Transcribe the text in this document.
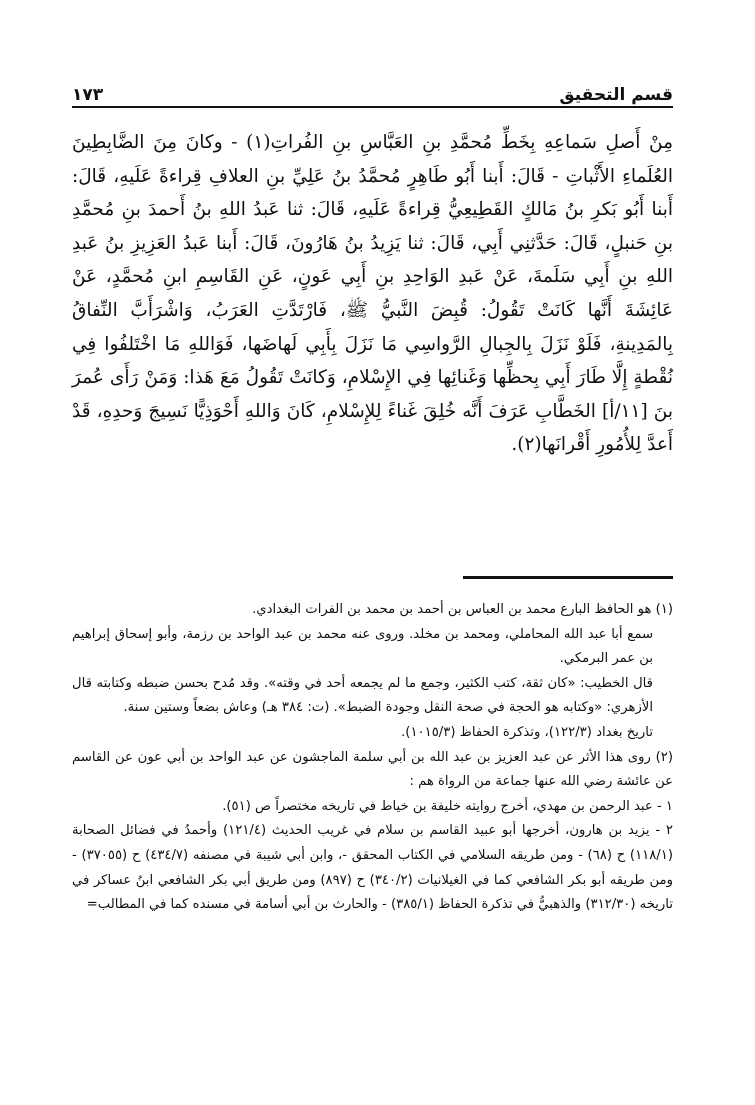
قسم التحقيق
١٧٣

مِنْ أَصلِ سَماعِهِ بِخَطِّ مُحمَّدِ بنِ العَبَّاسِ بنِ الفُراتِ(١) - وكانَ مِنَ الضَّابِطِينَ العُلَماءِ الأَثْباتِ - قَالَ: أَبنا أَبُو طَاهِرٍ مُحمَّدُ بنُ عَلِيِّ بنِ العلافِ قِراءةً عَلَيهِ، قَالَ: أَبنا أَبُو بَكرِ بنُ مَالكٍ القَطِيعِيُّ قِراءةً عَلَيهِ، قَالَ: ثنا عَبدُ اللهِ بنُ أَحمدَ بنِ مُحمَّدِ بنِ حَنبلٍ، قَالَ: حَدَّثنِي أَبِي، قَالَ: ثنا يَزِيدُ بنُ هَارُونَ، قَالَ: أَبنا عَبدُ العَزِيزِ بنُ عَبدِ اللهِ بنِ أَبِي سَلَمةَ، عَنْ عَبدِ الوَاحِدِ بنِ أَبِي عَونٍ، عَنِ القَاسِمِ ابنِ مُحمَّدٍ، عَنْ عَائِشَةَ أَنَّها كَانَتْ تَقُولُ: قُبِضَ النَّبيُّ ﷺ، فَارْتَدَّتِ العَرَبُ، وَاشْرَأَبَّ النِّفاقُ بِالمَدِينةِ، فَلَوْ نَزَلَ بِالجِبالِ الرَّواسِي مَا نَزَلَ بِأَبِي لَهاضَها، فَوَاللهِ مَا اخْتَلفُوا فِي نُقْطةٍ إِلَّا طَارَ أَبِي بِحظِّها وَغَنائِها فِي الإِسْلامِ، وَكانَتْ تَقُولُ مَعَ هَذا: وَمَنْ رَأَى عُمرَ بنَ [١١/أ] الخَطَّابِ عَرَفَ أَنَّه خُلِقَ غَناءً لِلإِسْلامِ، كَانَ وَاللهِ أَحْوَذِيًّا نَسِيجَ وَحدِهِ، قَدْ أَعدَّ لِلأُمُورِ أَقْرانَها(٢).

(١) هو الحافظ البارع محمد بن العباس بن أحمد بن محمد بن الفرات البغدادي.

سمع أبا عبد الله المحاملي، ومحمد بن مخلد. وروى عنه محمد بن عبد الواحد بن رزمة، وأبو إسحاق إبراهيم بن عمر البرمكي.

قال الخطيب: «كان ثقة، كتب الكثير، وجمع ما لم يجمعه أحد في وقته». وقد مُدح بحسن ضبطه وكتابته قال الأزهري: «وكتابه هو الحجة في صحة النقل وجودة الضبط». (ت: ٣٨٤ هـ) وعاش بضعاً وستين سنة.

تاريخ بغداد (١٢٢/٣)، وتذكرة الحفاظ (١٠١٥/٣).

(٢) روى هذا الأثر عن عبد العزيز بن عبد الله بن أبي سلمة الماجشون عن عبد الواحد بن أبي عون عن القاسم عن عائشة رضي الله عنها جماعة من الرواة هم :

١ - عبد الرحمن بن مهدي، أخرج روايته خليفة بن خياط في تاريخه مختصراً ص (٥١).

٢ - يزيد بن هارون، أخرجها أبو عبيد القاسم بن سلام في غريب الحديث (١٢١/٤) وأحمدُ في فضائل الصحابة (١١٨/١) ح (٦٨) - ومن طريقه السلامي في الكتاب المحقق -، وابن أبي شيبة في مصنفه (٤٣٤/٧) ح (٣٧٠٥٥) - ومن طريقه أبو بكر الشافعي كما في الغيلانيات (٣٤٠/٢) ح (٨٩٧) ومن طريق أبي بكر الشافعي ابنُ عساكر في تاريخه (٣١٢/٣٠) والذهبيُّ في تذكرة الحفاظ (٣٨٥/١) - والحارث بن أبي أسامة في مسنده كما في المطالب=
